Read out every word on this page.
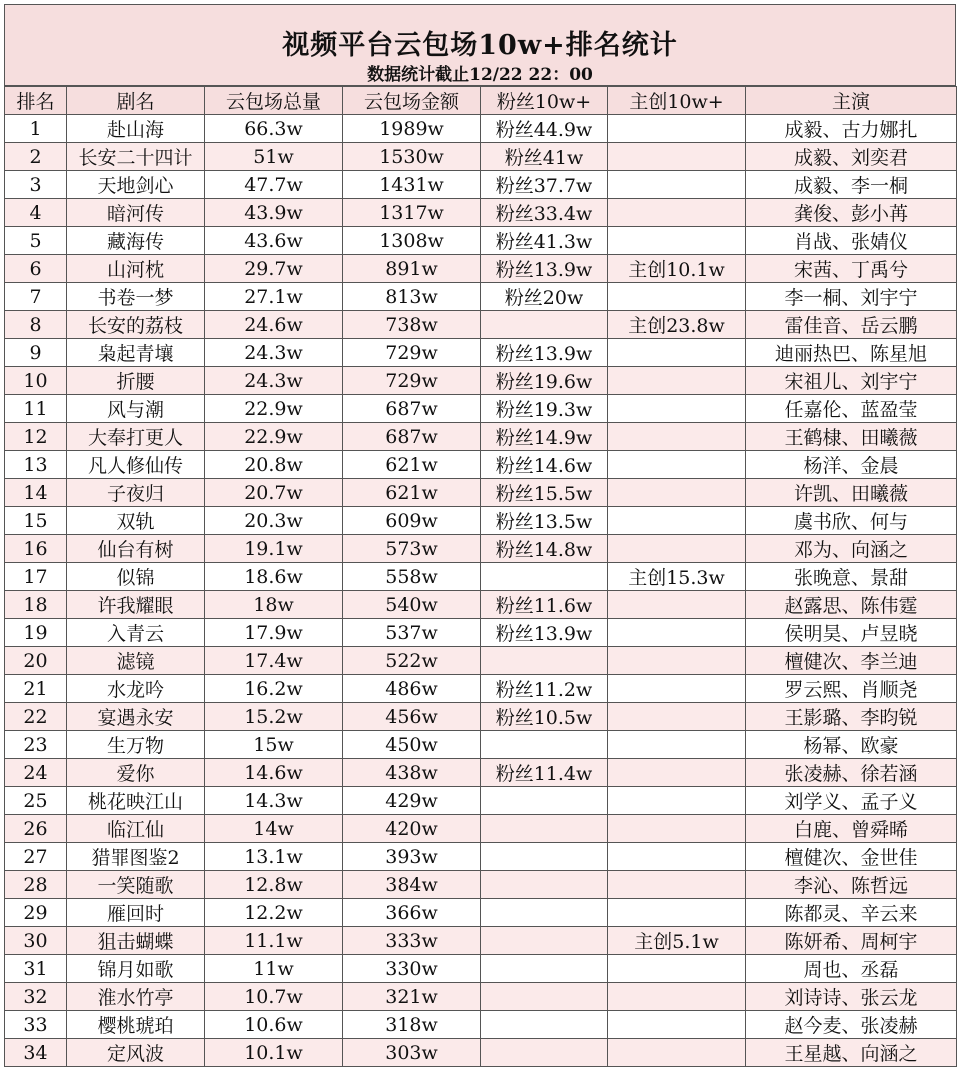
视频平台云包场10w+排名统计
数据统计截止12/22 22：00
排名	剧名	云包场总量	云包场金额	粉丝10w+	主创10w+	主演
1	赴山海	66.3w	1989w	粉丝44.9w		成毅、古力娜扎
2	长安二十四计	51w	1530w	粉丝41w		成毅、刘奕君
3	天地剑心	47.7w	1431w	粉丝37.7w		成毅、李一桐
4	暗河传	43.9w	1317w	粉丝33.4w		龚俊、彭小苒
5	藏海传	43.6w	1308w	粉丝41.3w		肖战、张婧仪
6	山河枕	29.7w	891w	粉丝13.9w	主创10.1w	宋茜、丁禹兮
7	书卷一梦	27.1w	813w	粉丝20w		李一桐、刘宇宁
8	长安的荔枝	24.6w	738w		主创23.8w	雷佳音、岳云鹏
9	枭起青壤	24.3w	729w	粉丝13.9w		迪丽热巴、陈星旭
10	折腰	24.3w	729w	粉丝19.6w		宋祖儿、刘宇宁
11	风与潮	22.9w	687w	粉丝19.3w		任嘉伦、蓝盈莹
12	大奉打更人	22.9w	687w	粉丝14.9w		王鹤棣、田曦薇
13	凡人修仙传	20.8w	621w	粉丝14.6w		杨洋、金晨
14	子夜归	20.7w	621w	粉丝15.5w		许凯、田曦薇
15	双轨	20.3w	609w	粉丝13.5w		虞书欣、何与
16	仙台有树	19.1w	573w	粉丝14.8w		邓为、向涵之
17	似锦	18.6w	558w		主创15.3w	张晚意、景甜
18	许我耀眼	18w	540w	粉丝11.6w		赵露思、陈伟霆
19	入青云	17.9w	537w	粉丝13.9w		侯明昊、卢昱晓
20	滤镜	17.4w	522w			檀健次、李兰迪
21	水龙吟	16.2w	486w	粉丝11.2w		罗云熙、肖顺尧
22	宴遇永安	15.2w	456w	粉丝10.5w		王影璐、李昀锐
23	生万物	15w	450w			杨幂、欧豪
24	爱你	14.6w	438w	粉丝11.4w		张凌赫、徐若涵
25	桃花映江山	14.3w	429w			刘学义、孟子义
26	临江仙	14w	420w			白鹿、曾舜晞
27	猎罪图鉴2	13.1w	393w			檀健次、金世佳
28	一笑随歌	12.8w	384w			李沁、陈哲远
29	雁回时	12.2w	366w			陈都灵、辛云来
30	狙击蝴蝶	11.1w	333w		主创5.1w	陈妍希、周柯宇
31	锦月如歌	11w	330w			周也、丞磊
32	淮水竹亭	10.7w	321w			刘诗诗、张云龙
33	樱桃琥珀	10.6w	318w			赵今麦、张凌赫
34	定风波	10.1w	303w			王星越、向涵之
